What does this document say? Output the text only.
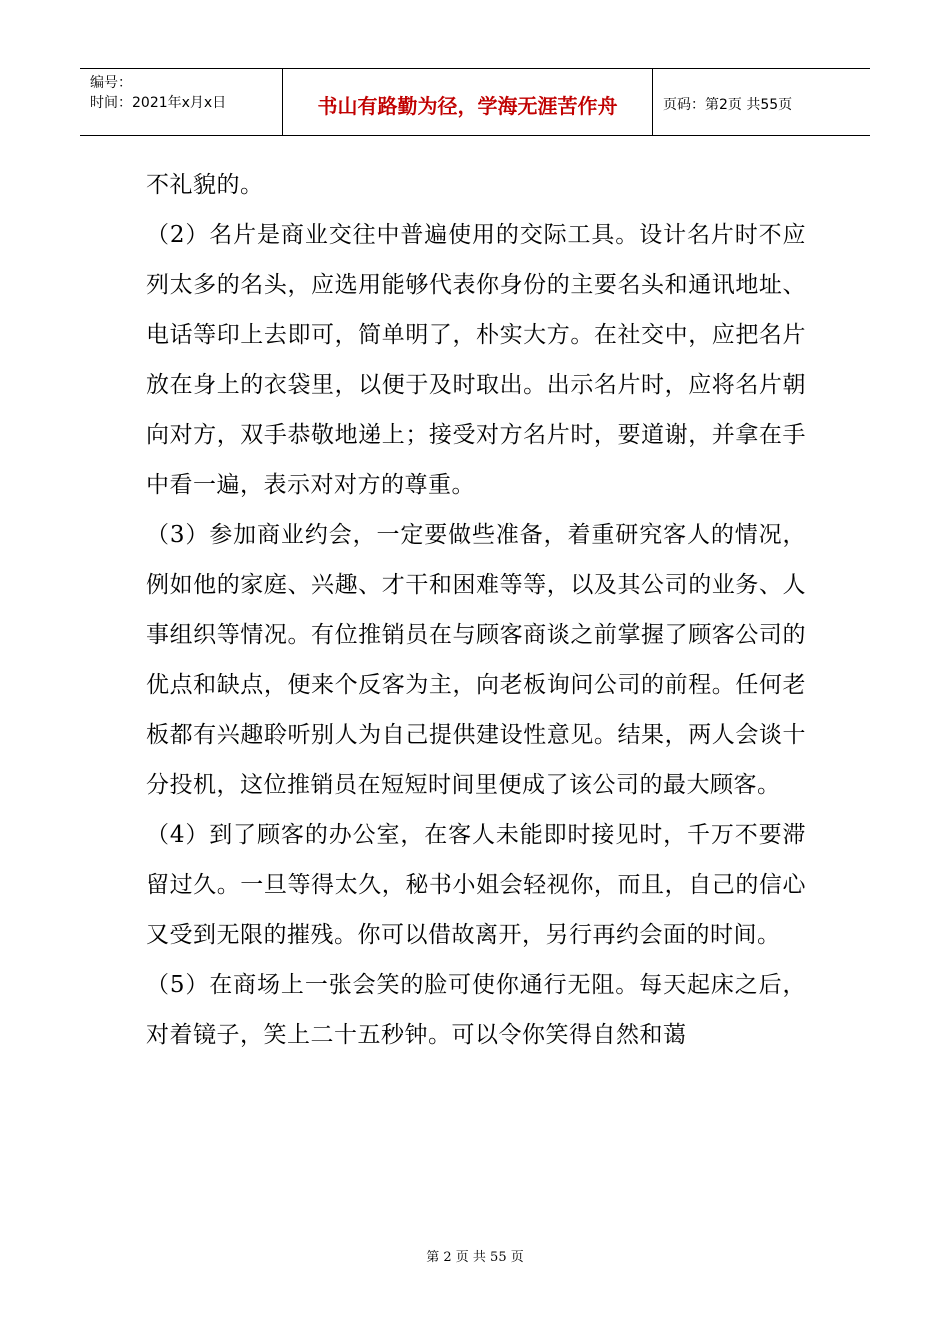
编号：
时间：2021年x月x日	书山有路勤为径，学海无涯苦作舟	页码：第2页 共55页

不礼貌的。

（2）名片是商业交往中普遍使用的交际工具。设计名片时不应列太多的名头，应选用能够代表你身份的主要名头和通讯地址、电话等印上去即可，简单明了，朴实大方。在社交中，应把名片放在身上的衣袋里，以便于及时取出。出示名片时，应将名片朝向对方，双手恭敬地递上；接受对方名片时，要道谢，并拿在手中看一遍，表示对对方的尊重。

（3）参加商业约会，一定要做些准备，着重研究客人的情况，例如他的家庭、兴趣、才干和困难等等，以及其公司的业务、人事组织等情况。有位推销员在与顾客商谈之前掌握了顾客公司的优点和缺点，便来个反客为主，向老板询问公司的前程。任何老板都有兴趣聆听别人为自己提供建设性意见。结果，两人会谈十分投机，这位推销员在短短时间里便成了该公司的最大顾客。

（4）到了顾客的办公室，在客人未能即时接见时，千万不要滞留过久。一旦等得太久，秘书小姐会轻视你，而且，自己的信心又受到无限的摧残。你可以借故离开，另行再约会面的时间。

（5）在商场上一张会笑的脸可使你通行无阻。每天起床之后，对着镜子，笑上二十五秒钟。可以令你笑得自然和蔼

第 2 页 共 55 页
